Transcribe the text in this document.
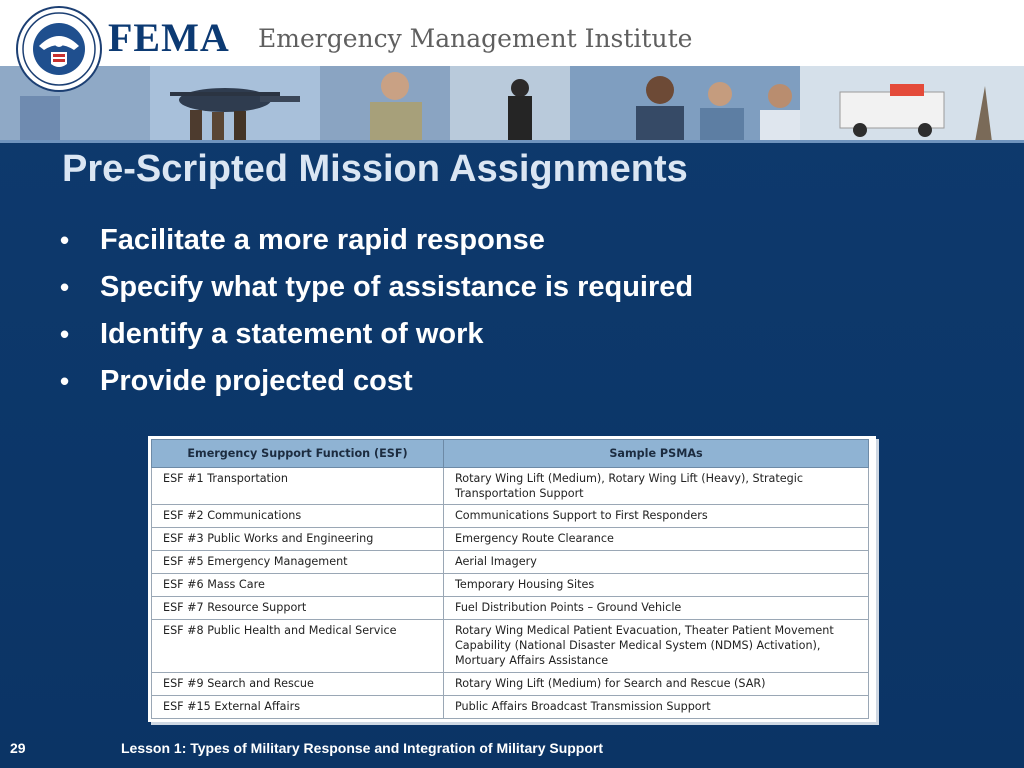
FEMA Emergency Management Institute
Pre-Scripted Mission Assignments
• Facilitate a more rapid response
• Specify what type of assistance is required
• Identify a statement of work
• Provide projected cost
Emergency Support Function (ESF)	Sample PSMAs
ESF #1 Transportation	Rotary Wing Lift (Medium), Rotary Wing Lift (Heavy), Strategic Transportation Support
ESF #2 Communications	Communications Support to First Responders
ESF #3 Public Works and Engineering	Emergency Route Clearance
ESF #5 Emergency Management	Aerial Imagery
ESF #6 Mass Care	Temporary Housing Sites
ESF #7 Resource Support	Fuel Distribution Points – Ground Vehicle
ESF #8 Public Health and Medical Service	Rotary Wing Medical Patient Evacuation, Theater Patient Movement Capability (National Disaster Medical System (NDMS) Activation), Mortuary Affairs Assistance
ESF #9 Search and Rescue	Rotary Wing Lift (Medium) for Search and Rescue (SAR)
ESF #15 External Affairs	Public Affairs Broadcast Transmission Support
29	Lesson 1: Types of Military Response and Integration of Military Support
